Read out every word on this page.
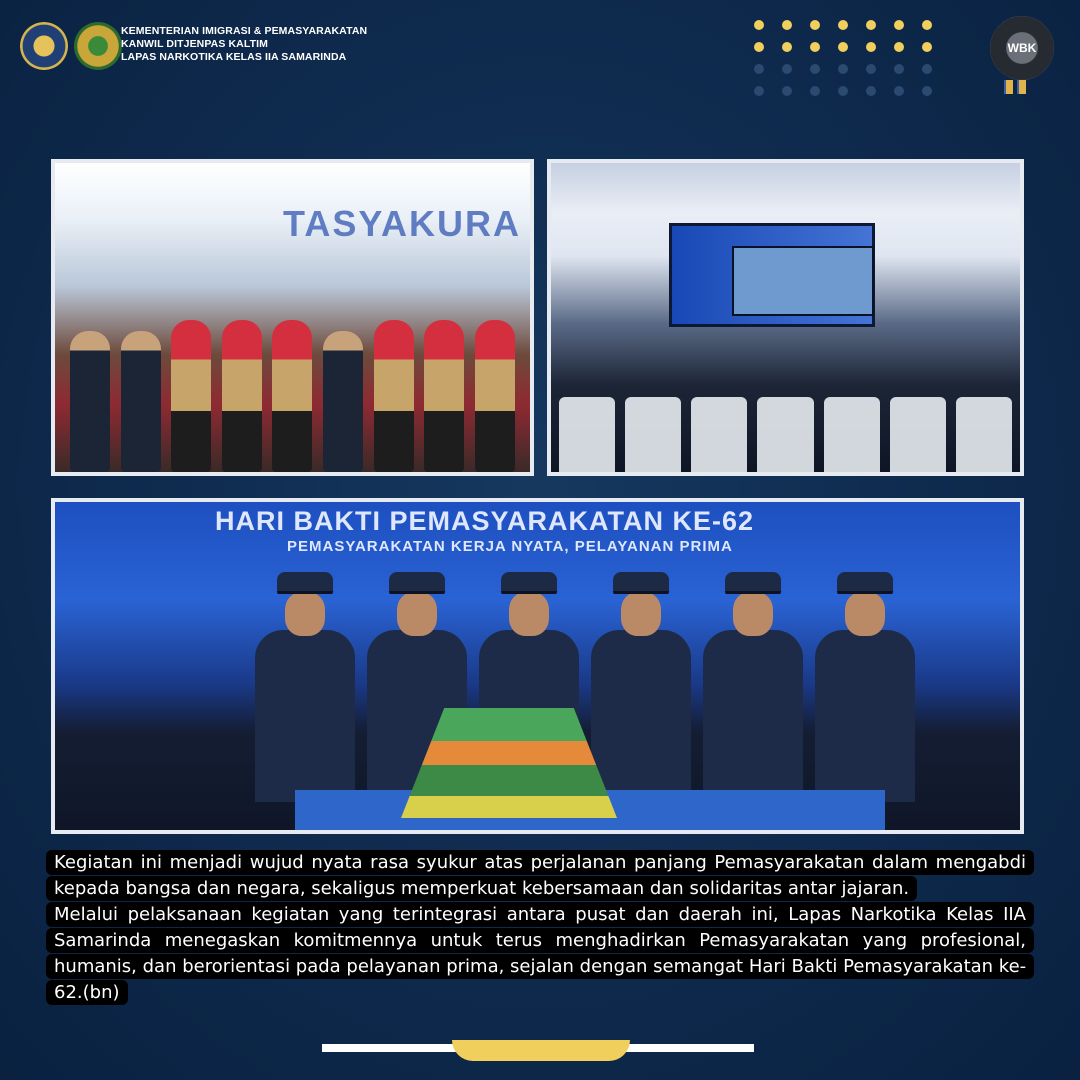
KEMENTERIAN IMIGRASI & PEMASYARAKATAN
KANWIL DITJENPAS KALTIM
LAPAS NARKOTIKA KELAS IIA SAMARINDA
WBK
TASYAKURA
HARI BAKTI PEMASYARAKATAN KE-62
PEMASYARAKATAN KERJA NYATA, PELAYANAN PRIMA
Kegiatan ini menjadi wujud nyata rasa syukur atas perjalanan panjang Pemasyarakatan dalam mengabdi kepada bangsa dan negara, sekaligus memperkuat kebersamaan dan solidaritas antar jajaran.
Melalui pelaksanaan kegiatan yang terintegrasi antara pusat dan daerah ini, Lapas Narkotika Kelas IIA Samarinda menegaskan komitmennya untuk terus menghadirkan Pemasyarakatan yang profesional, humanis, dan berorientasi pada pelayanan prima, sejalan dengan semangat Hari Bakti Pemasyarakatan ke-62.(bn)
